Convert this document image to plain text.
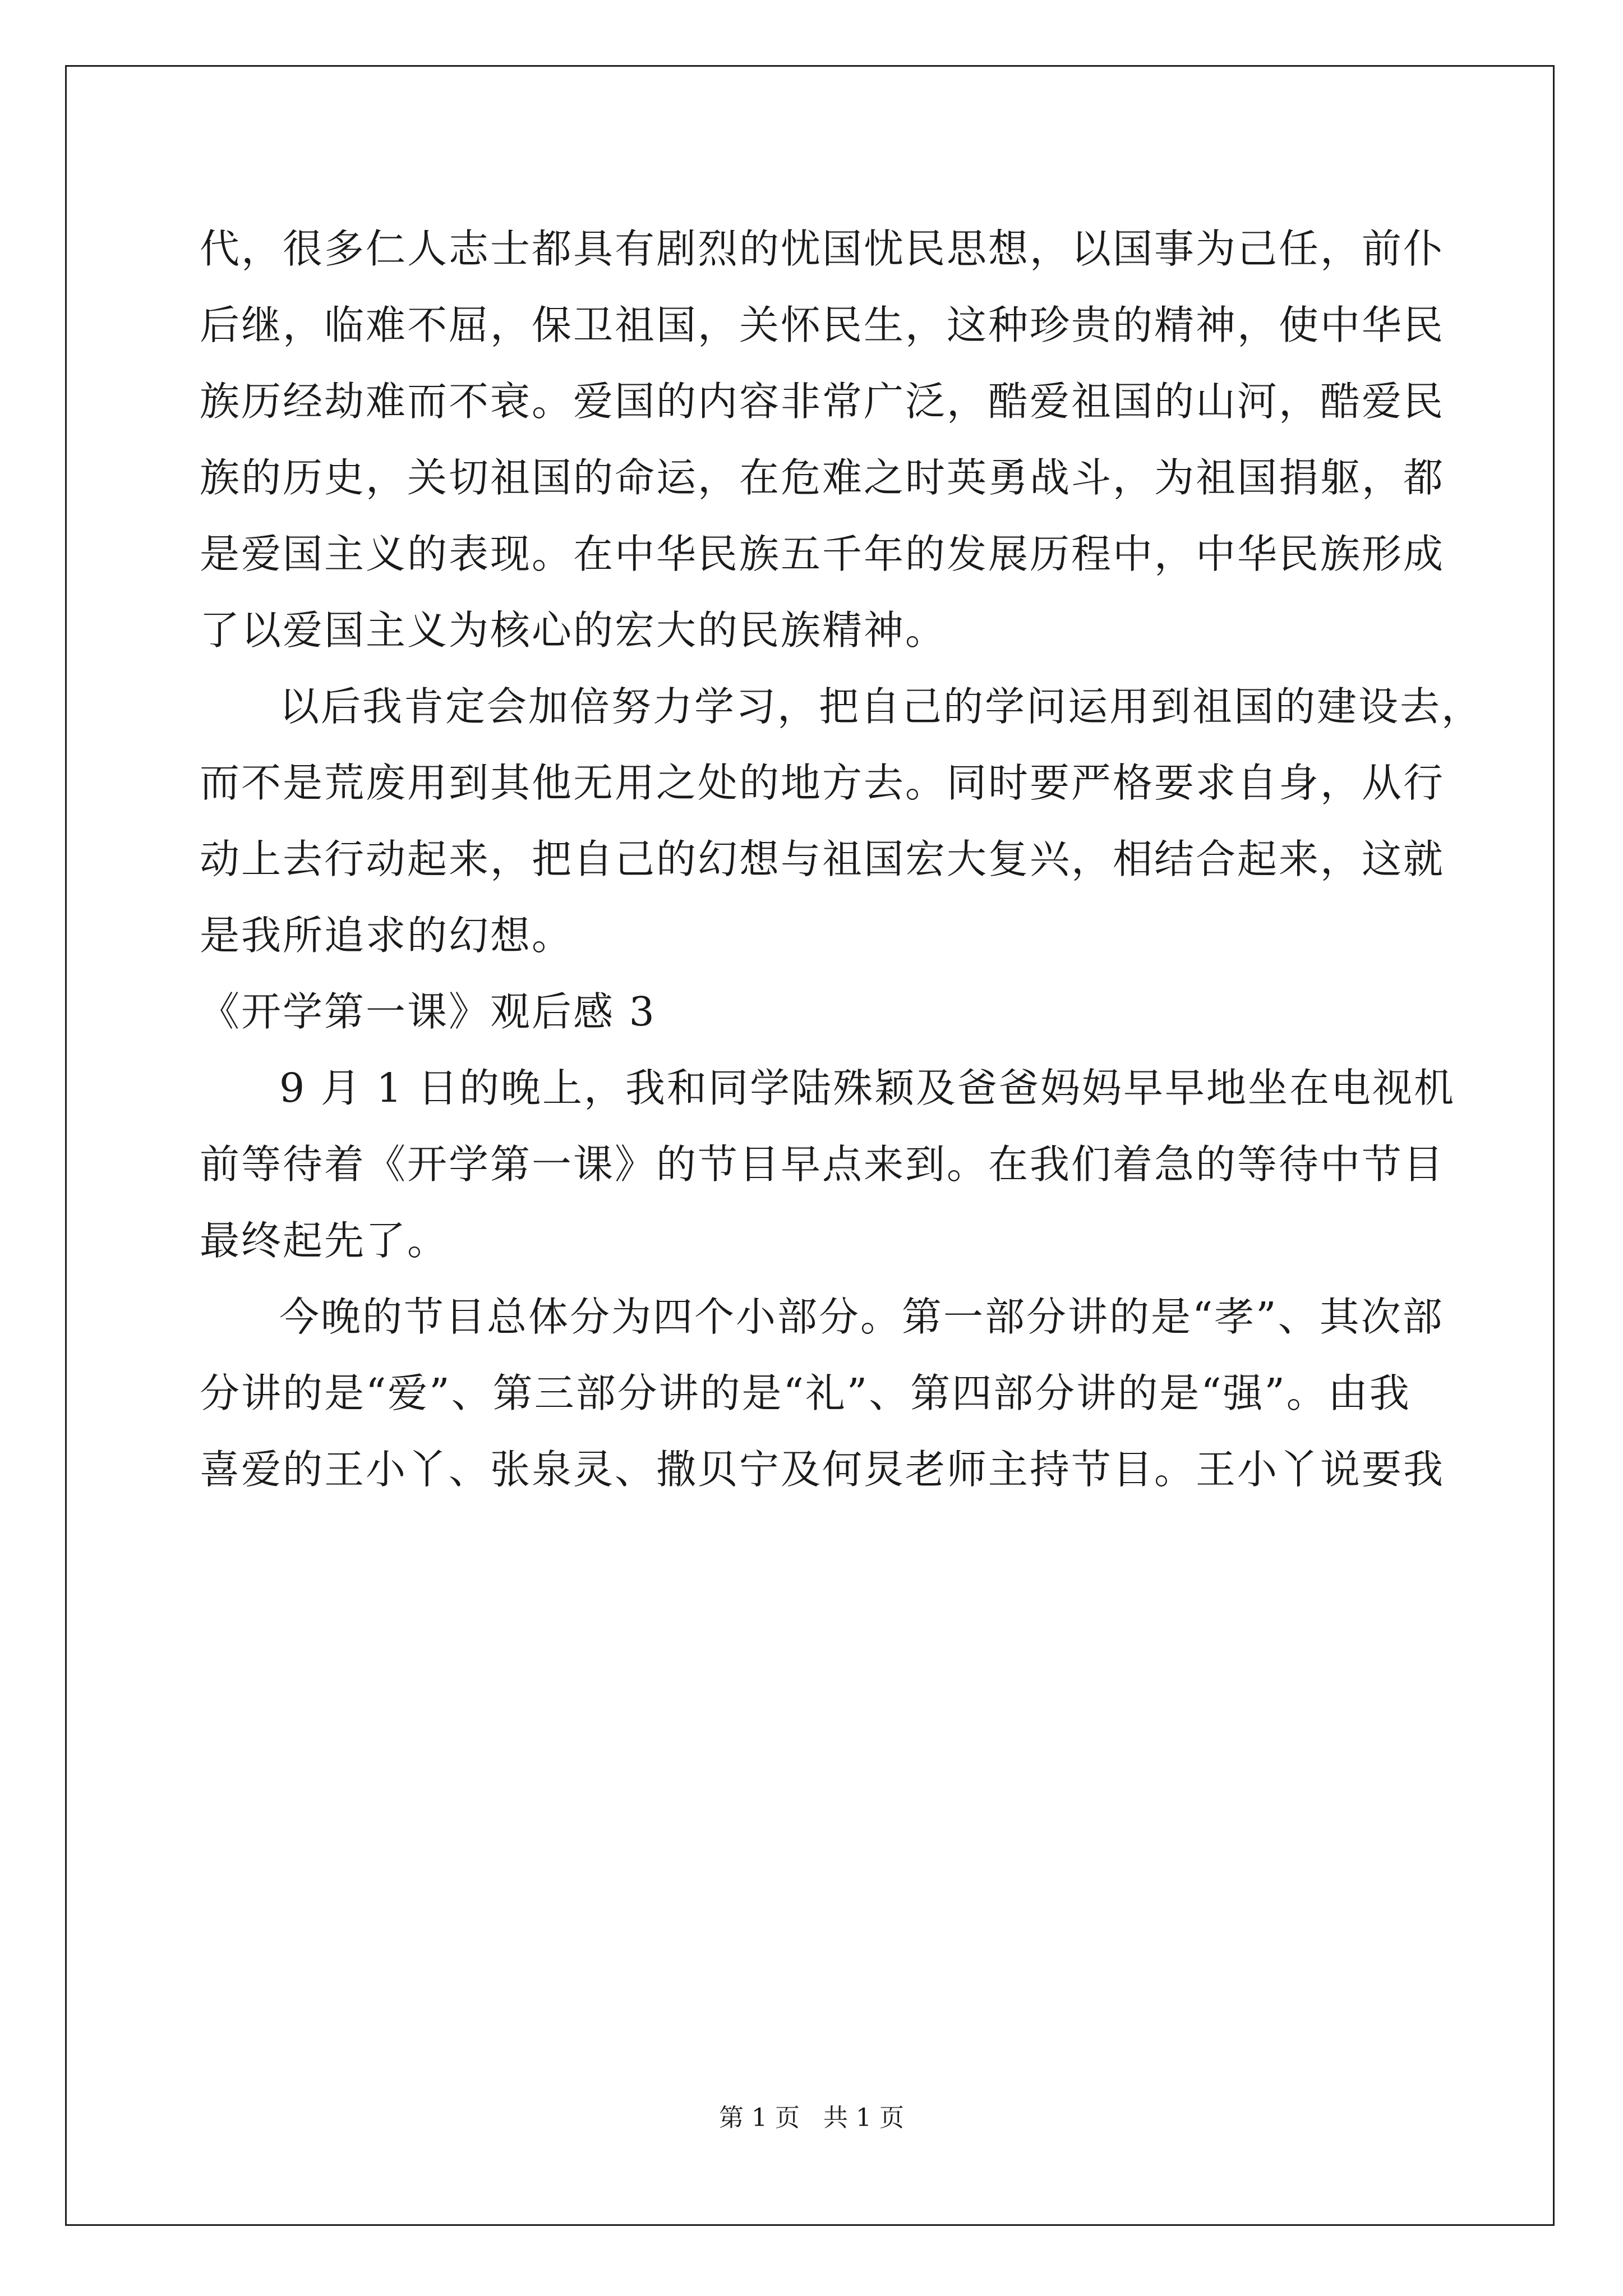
代，很多仁人志士都具有剧烈的忧国忧民思想，以国事为己任，前仆
后继，临难不屈，保卫祖国，关怀民生，这种珍贵的精神，使中华民
族历经劫难而不衰。爱国的内容非常广泛，酷爱祖国的山河，酷爱民
族的历史，关切祖国的命运，在危难之时英勇战斗，为祖国捐躯，都
是爱国主义的表现。在中华民族五千年的发展历程中，中华民族形成
了以爱国主义为核心的宏大的民族精神。
以后我肯定会加倍努力学习，把自己的学问运用到祖国的建设去，
而不是荒废用到其他无用之处的地方去。同时要严格要求自身，从行
动上去行动起来，把自己的幻想与祖国宏大复兴，相结合起来，这就
是我所追求的幻想。
《开学第一课》观后感 3
9 月 1 日的晚上，我和同学陆殊颖及爸爸妈妈早早地坐在电视机
前等待着《开学第一课》的节目早点来到。在我们着急的等待中节目
最终起先了。
今晚的节目总体分为四个小部分。第一部分讲的是“孝”、其次部
分讲的是“爱”、第三部分讲的是“礼”、第四部分讲的是“强”。由我
喜爱的王小丫、张泉灵、撒贝宁及何炅老师主持节目。王小丫说要我
第 1 页   共 1 页
